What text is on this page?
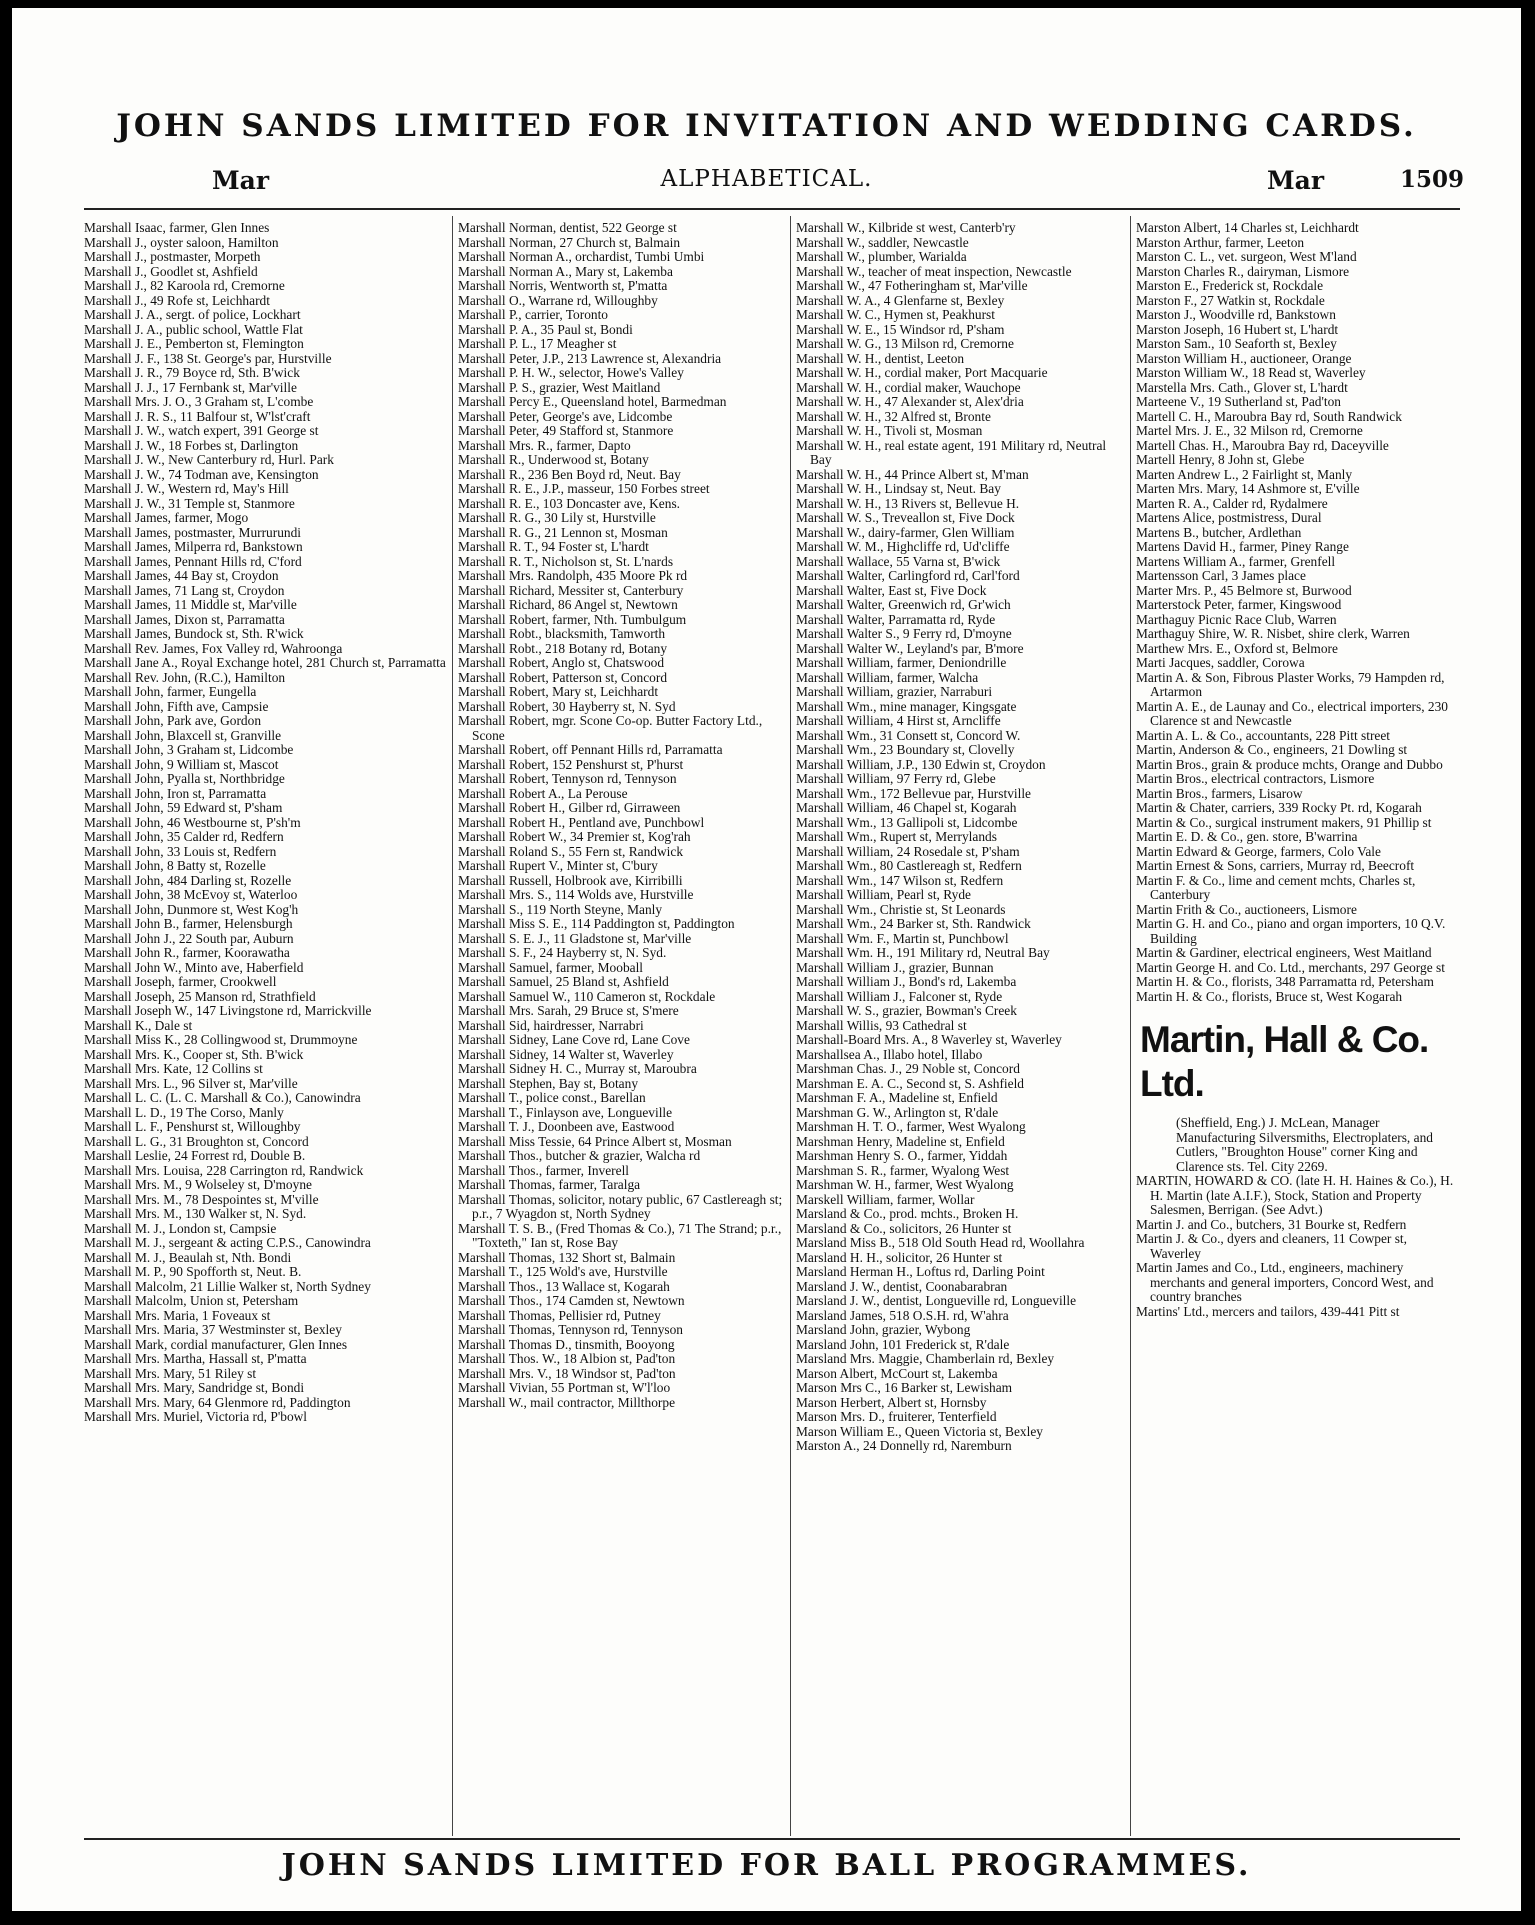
JOHN SANDS LIMITED FOR INVITATION AND WEDDING CARDS.
Mar	ALPHABETICAL.	Mar	1509
Marshall Isaac, farmer, Glen Innes
Marshall J., oyster saloon, Hamilton
Marshall J., postmaster, Morpeth
Marshall J., Goodlet st, Ashfield
Marshall J., 82 Karoola rd, Cremorne
Marshall J., 49 Rofe st, Leichhardt
Marshall J. A., sergt. of police, Lockhart
Marshall J. A., public school, Wattle Flat
Marshall J. E., Pemberton st, Flemington
Marshall J. F., 138 St. George's par, Hurstville
Marshall J. R., 79 Boyce rd, Sth. B'wick
Marshall J. J., 17 Fernbank st, Mar'ville
Marshall Mrs. J. O., 3 Graham st, L'combe
Marshall J. R. S., 11 Balfour st, W'lst'craft
Marshall J. W., watch expert, 391 George st
Marshall J. W., 18 Forbes st, Darlington
Marshall J. W., New Canterbury rd, Hurl. Park
Marshall J. W., 74 Todman ave, Kensington
Marshall J. W., Western rd, May's Hill
Marshall J. W., 31 Temple st, Stanmore
Marshall James, farmer, Mogo
Marshall James, postmaster, Murrurundi
Marshall James, Milperra rd, Bankstown
Marshall James, Pennant Hills rd, C'ford
Marshall James, 44 Bay st, Croydon
Marshall James, 71 Lang st, Croydon
Marshall James, 11 Middle st, Mar'ville
Marshall James, Dixon st, Parramatta
Marshall James, Bundock st, Sth. R'wick
Marshall Rev. James, Fox Valley rd, Wahroonga
Marshall Jane A., Royal Exchange hotel, 281 Church st, Parramatta
Marshall Rev. John, (R.C.), Hamilton
Marshall John, farmer, Eungella
Marshall John, Fifth ave, Campsie
Marshall John, Park ave, Gordon
Marshall John, Blaxcell st, Granville
Marshall John, 3 Graham st, Lidcombe
Marshall John, 9 William st, Mascot
Marshall John, Pyalla st, Northbridge
Marshall John, Iron st, Parramatta
Marshall John, 59 Edward st, P'sham
Marshall John, 46 Westbourne st, P'sh'm
Marshall John, 35 Calder rd, Redfern
Marshall John, 33 Louis st, Redfern
Marshall John, 8 Batty st, Rozelle
Marshall John, 484 Darling st, Rozelle
Marshall John, 38 McEvoy st, Waterloo
Marshall John, Dunmore st, West Kog'h
Marshall John B., farmer, Helensburgh
Marshall John J., 22 South par, Auburn
Marshall John R., farmer, Koorawatha
Marshall John W., Minto ave, Haberfield
Marshall Joseph, farmer, Crookwell
Marshall Joseph, 25 Manson rd, Strathfield
Marshall Joseph W., 147 Livingstone rd, Marrickville
Marshall K., Dale st
Marshall Miss K., 28 Collingwood st, Drummoyne
Marshall Mrs. K., Cooper st, Sth. B'wick
Marshall Mrs. Kate, 12 Collins st
Marshall Mrs. L., 96 Silver st, Mar'ville
Marshall L. C. (L. C. Marshall & Co.), Canowindra
Marshall L. D., 19 The Corso, Manly
Marshall L. F., Penshurst st, Willoughby
Marshall L. G., 31 Broughton st, Concord
Marshall Leslie, 24 Forrest rd, Double B.
Marshall Mrs. Louisa, 228 Carrington rd, Randwick
Marshall Mrs. M., 9 Wolseley st, D'moyne
Marshall Mrs. M., 78 Despointes st, M'ville
Marshall Mrs. M., 130 Walker st, N. Syd.
Marshall M. J., London st, Campsie
Marshall M. J., sergeant & acting C.P.S., Canowindra
Marshall M. J., Beaulah st, Nth. Bondi
Marshall M. P., 90 Spofforth st, Neut. B.
Marshall Malcolm, 21 Lillie Walker st, North Sydney
Marshall Malcolm, Union st, Petersham
Marshall Mrs. Maria, 1 Foveaux st
Marshall Mrs. Maria, 37 Westminster st, Bexley
Marshall Mark, cordial manufacturer, Glen Innes
Marshall Mrs. Martha, Hassall st, P'matta
Marshall Mrs. Mary, 51 Riley st
Marshall Mrs. Mary, Sandridge st, Bondi
Marshall Mrs. Mary, 64 Glenmore rd, Paddington
Marshall Mrs. Muriel, Victoria rd, P'bowl
Marshall Norman, dentist, 522 George st
Marshall Norman, 27 Church st, Balmain
Marshall Norman A., orchardist, Tumbi Umbi
Marshall Norman A., Mary st, Lakemba
Marshall Norris, Wentworth st, P'matta
Marshall O., Warrane rd, Willoughby
Marshall P., carrier, Toronto
Marshall P. A., 35 Paul st, Bondi
Marshall P. L., 17 Meagher st
Marshall Peter, J.P., 213 Lawrence st, Alexandria
Marshall P. H. W., selector, Howe's Valley
Marshall P. S., grazier, West Maitland
Marshall Percy E., Queensland hotel, Barmedman
Marshall Peter, George's ave, Lidcombe
Marshall Peter, 49 Stafford st, Stanmore
Marshall Mrs. R., farmer, Dapto
Marshall R., Underwood st, Botany
Marshall R., 236 Ben Boyd rd, Neut. Bay
Marshall R. E., J.P., masseur, 150 Forbes street
Marshall R. E., 103 Doncaster ave, Kens.
Marshall R. G., 30 Lily st, Hurstville
Marshall R. G., 21 Lennon st, Mosman
Marshall R. T., 94 Foster st, L'hardt
Marshall R. T., Nicholson st, St. L'nards
Marshall Mrs. Randolph, 435 Moore Pk rd
Marshall Richard, Messiter st, Canterbury
Marshall Richard, 86 Angel st, Newtown
Marshall Robert, farmer, Nth. Tumbulgum
Marshall Robt., blacksmith, Tamworth
Marshall Robt., 218 Botany rd, Botany
Marshall Robert, Anglo st, Chatswood
Marshall Robert, Patterson st, Concord
Marshall Robert, Mary st, Leichhardt
Marshall Robert, 30 Hayberry st, N. Syd
Marshall Robert, mgr. Scone Co-op. Butter Factory Ltd., Scone
Marshall Robert, off Pennant Hills rd, Parramatta
Marshall Robert, 152 Penshurst st, P'hurst
Marshall Robert, Tennyson rd, Tennyson
Marshall Robert A., La Perouse
Marshall Robert H., Gilber rd, Girraween
Marshall Robert H., Pentland ave, Punchbowl
Marshall Robert W., 34 Premier st, Kog'rah
Marshall Roland S., 55 Fern st, Randwick
Marshall Rupert V., Minter st, C'bury
Marshall Russell, Holbrook ave, Kirribilli
Marshall Mrs. S., 114 Wolds ave, Hurstville
Marshall S., 119 North Steyne, Manly
Marshall Miss S. E., 114 Paddington st, Paddington
Marshall S. E. J., 11 Gladstone st, Mar'ville
Marshall S. F., 24 Hayberry st, N. Syd.
Marshall Samuel, farmer, Mooball
Marshall Samuel, 25 Bland st, Ashfield
Marshall Samuel W., 110 Cameron st, Rockdale
Marshall Mrs. Sarah, 29 Bruce st, S'mere
Marshall Sid, hairdresser, Narrabri
Marshall Sidney, Lane Cove rd, Lane Cove
Marshall Sidney, 14 Walter st, Waverley
Marshall Sidney H. C., Murray st, Maroubra
Marshall Stephen, Bay st, Botany
Marshall T., police const., Barellan
Marshall T., Finlayson ave, Longueville
Marshall T. J., Doonbeen ave, Eastwood
Marshall Miss Tessie, 64 Prince Albert st, Mosman
Marshall Thos., butcher & grazier, Walcha rd
Marshall Thos., farmer, Inverell
Marshall Thomas, farmer, Taralga
Marshall Thomas, solicitor, notary public, 67 Castlereagh st; p.r., 7 Wyagdon st, North Sydney
Marshall T. S. B., (Fred Thomas & Co.), 71 The Strand; p.r., "Toxteth," Ian st, Rose Bay
Marshall Thomas, 132 Short st, Balmain
Marshall T., 125 Wold's ave, Hurstville
Marshall Thos., 13 Wallace st, Kogarah
Marshall Thos., 174 Camden st, Newtown
Marshall Thomas, Pellisier rd, Putney
Marshall Thomas, Tennyson rd, Tennyson
Marshall Thomas D., tinsmith, Booyong
Marshall Thos. W., 18 Albion st, Pad'ton
Marshall Mrs. V., 18 Windsor st, Pad'ton
Marshall Vivian, 55 Portman st, W'l'loo
Marshall W., mail contractor, Millthorpe
Marshall W., Kilbride st west, Canterb'ry
Marshall W., saddler, Newcastle
Marshall W., plumber, Warialda
Marshall W., teacher of meat inspection, Newcastle
Marshall W., 47 Fotheringham st, Mar'ville
Marshall W. A., 4 Glenfarne st, Bexley
Marshall W. C., Hymen st, Peakhurst
Marshall W. E., 15 Windsor rd, P'sham
Marshall W. G., 13 Milson rd, Cremorne
Marshall W. H., dentist, Leeton
Marshall W. H., cordial maker, Port Macquarie
Marshall W. H., cordial maker, Wauchope
Marshall W. H., 47 Alexander st, Alex'dria
Marshall W. H., 32 Alfred st, Bronte
Marshall W. H., Tivoli st, Mosman
Marshall W. H., real estate agent, 191 Military rd, Neutral Bay
Marshall W. H., 44 Prince Albert st, M'man
Marshall W. H., Lindsay st, Neut. Bay
Marshall W. H., 13 Rivers st, Bellevue H.
Marshall W. S., Treveallon st, Five Dock
Marshall W., dairy-farmer, Glen William
Marshall W. M., Highcliffe rd, Ud'cliffe
Marshall Wallace, 55 Varna st, B'wick
Marshall Walter, Carlingford rd, Carl'ford
Marshall Walter, East st, Five Dock
Marshall Walter, Greenwich rd, Gr'wich
Marshall Walter, Parramatta rd, Ryde
Marshall Walter S., 9 Ferry rd, D'moyne
Marshall Walter W., Leyland's par, B'more
Marshall William, farmer, Deniondrille
Marshall William, farmer, Walcha
Marshall William, grazier, Narraburi
Marshall Wm., mine manager, Kingsgate
Marshall William, 4 Hirst st, Arncliffe
Marshall Wm., 31 Consett st, Concord W.
Marshall Wm., 23 Boundary st, Clovelly
Marshall William, J.P., 130 Edwin st, Croydon
Marshall William, 97 Ferry rd, Glebe
Marshall Wm., 172 Bellevue par, Hurstville
Marshall William, 46 Chapel st, Kogarah
Marshall Wm., 13 Gallipoli st, Lidcombe
Marshall Wm., Rupert st, Merrylands
Marshall William, 24 Rosedale st, P'sham
Marshall Wm., 80 Castlereagh st, Redfern
Marshall Wm., 147 Wilson st, Redfern
Marshall William, Pearl st, Ryde
Marshall Wm., Christie st, St Leonards
Marshall Wm., 24 Barker st, Sth. Randwick
Marshall Wm. F., Martin st, Punchbowl
Marshall Wm. H., 191 Military rd, Neutral Bay
Marshall William J., grazier, Bunnan
Marshall William J., Bond's rd, Lakemba
Marshall William J., Falconer st, Ryde
Marshall W. S., grazier, Bowman's Creek
Marshall Willis, 93 Cathedral st
Marshall-Board Mrs. A., 8 Waverley st, Waverley
Marshallsea A., Illabo hotel, Illabo
Marshman Chas. J., 29 Noble st, Concord
Marshman E. A. C., Second st, S. Ashfield
Marshman F. A., Madeline st, Enfield
Marshman G. W., Arlington st, R'dale
Marshman H. T. O., farmer, West Wyalong
Marshman Henry, Madeline st, Enfield
Marshman Henry S. O., farmer, Yiddah
Marshman S. R., farmer, Wyalong West
Marshman W. H., farmer, West Wyalong
Marskell William, farmer, Wollar
Marsland & Co., prod. mchts., Broken H.
Marsland & Co., solicitors, 26 Hunter st
Marsland Miss B., 518 Old South Head rd, Woollahra
Marsland H. H., solicitor, 26 Hunter st
Marsland Herman H., Loftus rd, Darling Point
Marsland J. W., dentist, Coonabarabran
Marsland J. W., dentist, Longueville rd, Longueville
Marsland James, 518 O.S.H. rd, W'ahra
Marsland John, grazier, Wybong
Marsland John, 101 Frederick st, R'dale
Marsland Mrs. Maggie, Chamberlain rd, Bexley
Marson Albert, McCourt st, Lakemba
Marson Mrs C., 16 Barker st, Lewisham
Marson Herbert, Albert st, Hornsby
Marson Mrs. D., fruiterer, Tenterfield
Marson William E., Queen Victoria st, Bexley
Marston A., 24 Donnelly rd, Naremburn
Marston Albert, 14 Charles st, Leichhardt
Marston Arthur, farmer, Leeton
Marston C. L., vet. surgeon, West M'land
Marston Charles R., dairyman, Lismore
Marston E., Frederick st, Rockdale
Marston F., 27 Watkin st, Rockdale
Marston J., Woodville rd, Bankstown
Marston Joseph, 16 Hubert st, L'hardt
Marston Sam., 10 Seaforth st, Bexley
Marston William H., auctioneer, Orange
Marston William W., 18 Read st, Waverley
Marstella Mrs. Cath., Glover st, L'hardt
Marteene V., 19 Sutherland st, Pad'ton
Martell C. H., Maroubra Bay rd, South Randwick
Martel Mrs. J. E., 32 Milson rd, Cremorne
Martell Chas. H., Maroubra Bay rd, Daceyville
Martell Henry, 8 John st, Glebe
Marten Andrew L., 2 Fairlight st, Manly
Marten Mrs. Mary, 14 Ashmore st, E'ville
Marten R. A., Calder rd, Rydalmere
Martens Alice, postmistress, Dural
Martens B., butcher, Ardlethan
Martens David H., farmer, Piney Range
Martens William A., farmer, Grenfell
Martensson Carl, 3 James place
Marter Mrs. P., 45 Belmore st, Burwood
Marterstock Peter, farmer, Kingswood
Marthaguy Picnic Race Club, Warren
Marthaguy Shire, W. R. Nisbet, shire clerk, Warren
Marthew Mrs. E., Oxford st, Belmore
Marti Jacques, saddler, Corowa
Martin A. & Son, Fibrous Plaster Works, 79 Hampden rd, Artarmon
Martin A. E., de Launay and Co., electrical importers, 230 Clarence st and Newcastle
Martin A. L. & Co., accountants, 228 Pitt street
Martin, Anderson & Co., engineers, 21 Dowling st
Martin Bros., grain & produce mchts, Orange and Dubbo
Martin Bros., electrical contractors, Lismore
Martin Bros., farmers, Lisarow
Martin & Chater, carriers, 339 Rocky Pt. rd, Kogarah
Martin & Co., surgical instrument makers, 91 Phillip st
Martin E. D. & Co., gen. store, B'warrina
Martin Edward & George, farmers, Colo Vale
Martin Ernest & Sons, carriers, Murray rd, Beecroft
Martin F. & Co., lime and cement mchts, Charles st, Canterbury
Martin Frith & Co., auctioneers, Lismore
Martin G. H. and Co., piano and organ importers, 10 Q.V. Building
Martin & Gardiner, electrical engineers, West Maitland
Martin George H. and Co. Ltd., merchants, 297 George st
Martin H. & Co., florists, 348 Parramatta rd, Petersham
Martin H. & Co., florists, Bruce st, West Kogarah
Martin, Hall & Co. Ltd.
(Sheffield, Eng.) J. McLean, Manager Manufacturing Silversmiths, Electroplaters, and Cutlers, "Broughton House" corner King and Clarence sts. Tel. City 2269.
MARTIN, HOWARD & CO. (late H. H. Haines & Co.), H. H. Martin (late A.I.F.), Stock, Station and Property Salesmen, Berrigan. (See Advt.)
Martin J. and Co., butchers, 31 Bourke st, Redfern
Martin J. & Co., dyers and cleaners, 11 Cowper st, Waverley
Martin James and Co., Ltd., engineers, machinery merchants and general importers, Concord West, and country branches
Martins' Ltd., mercers and tailors, 439-441 Pitt st
JOHN SANDS LIMITED FOR BALL PROGRAMMES.
